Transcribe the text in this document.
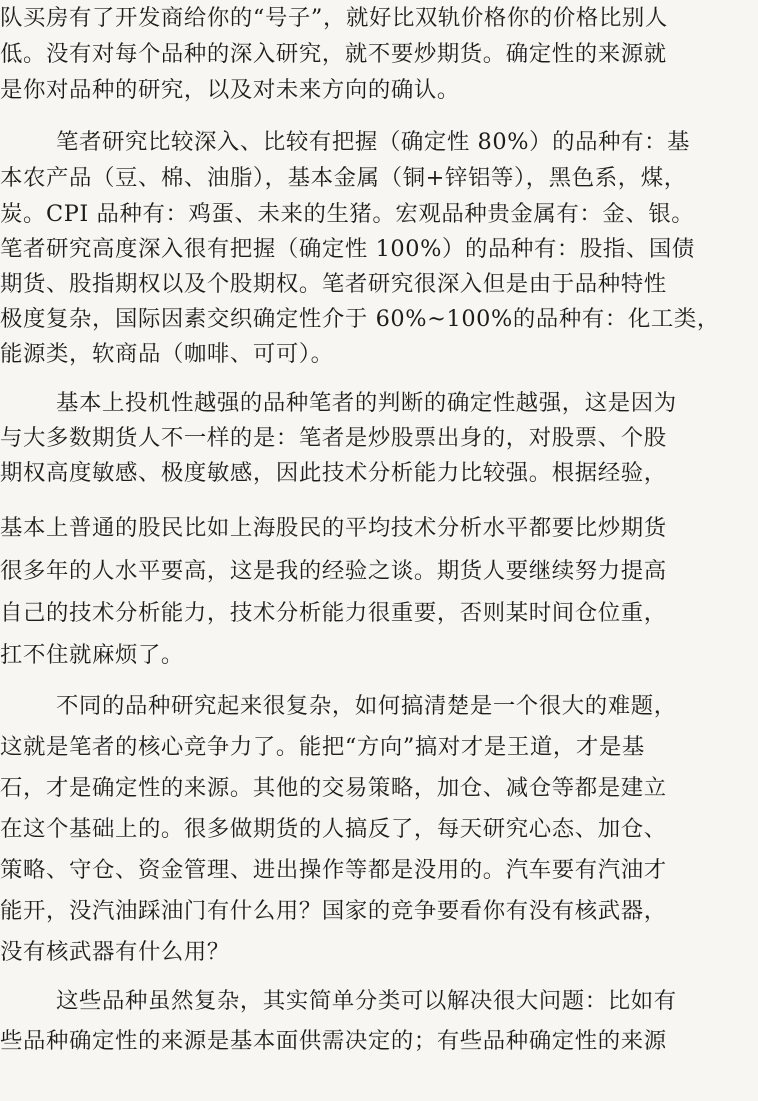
队买房有了开发商给你的“号子”，就好比双轨价格你的价格比别人
低。没有对每个品种的深入研究，就不要炒期货。确定性的来源就
是你对品种的研究，以及对未来方向的确认。
笔者研究比较深入、比较有把握（确定性 80%）的品种有：基
本农产品（豆、棉、油脂），基本金属（铜+锌铝等），黑色系，煤，
炭。CPI 品种有：鸡蛋、未来的生猪。宏观品种贵金属有：金、银。
笔者研究高度深入很有把握（确定性 100%）的品种有：股指、国债
期货、股指期权以及个股期权。笔者研究很深入但是由于品种特性
极度复杂，国际因素交织确定性介于 60%~100%的品种有：化工类，
能源类，软商品（咖啡、可可）。
基本上投机性越强的品种笔者的判断的确定性越强，这是因为
与大多数期货人不一样的是：笔者是炒股票出身的，对股票、个股
期权高度敏感、极度敏感，因此技术分析能力比较强。根据经验，
基本上普通的股民比如上海股民的平均技术分析水平都要比炒期货
很多年的人水平要高，这是我的经验之谈。期货人要继续努力提高
自己的技术分析能力，技术分析能力很重要，否则某时间仓位重，
扛不住就麻烦了。
不同的品种研究起来很复杂，如何搞清楚是一个很大的难题，
这就是笔者的核心竞争力了。能把“方向”搞对才是王道，才是基
石，才是确定性的来源。其他的交易策略，加仓、减仓等都是建立
在这个基础上的。很多做期货的人搞反了，每天研究心态、加仓、
策略、守仓、资金管理、进出操作等都是没用的。汽车要有汽油才
能开，没汽油踩油门有什么用？国家的竞争要看你有没有核武器，
没有核武器有什么用？
这些品种虽然复杂，其实简单分类可以解决很大问题：比如有
些品种确定性的来源是基本面供需决定的；有些品种确定性的来源
